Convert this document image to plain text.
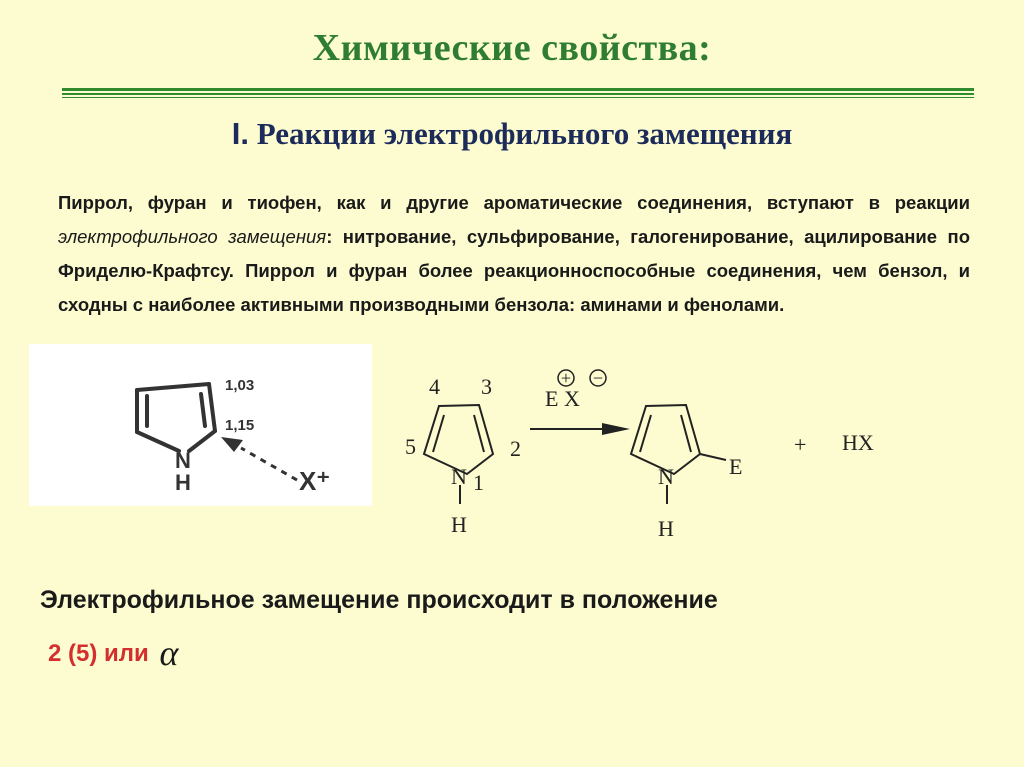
Химические свойства:
I. Реакции электрофильного замещения

Пиррол, фуран и тиофен, как и другие ароматические соединения, вступают в реакции электрофильного замещения: нитрование, сульфирование, галогенирование, ацилирование по Фриделю-Крафтсу. Пиррол и фуран более реакционноспособные соединения, чем бензол, и сходны с наиболее активными производными бензола: аминами и фенолами.

1,03
1,15
N
H	X⁺
4 3
5	2
1
N
H
+ −
E X
N
H
E
+ HX

Электрофильное замещение происходит в положение

2 (5) или α
